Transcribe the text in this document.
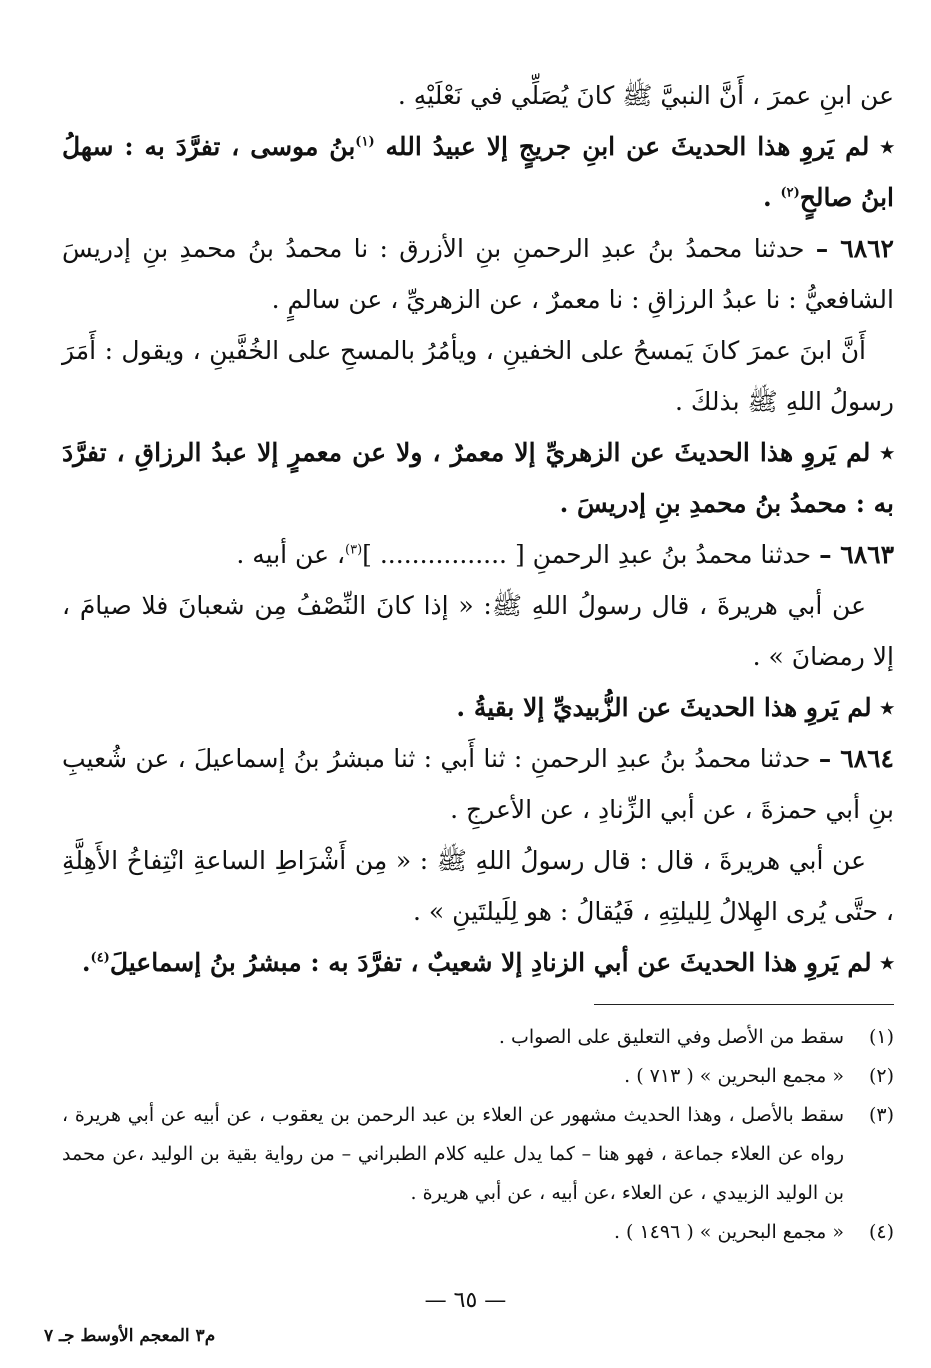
عن ابنِ عمرَ ، أَنَّ النبيَّ ﷺ كانَ يُصَلِّي في نَعْلَيْهِ .

٭ لم يَروِ هذا الحديثَ عن ابنِ جريجٍ إلا عبيدُ الله $^{(١)}$بنُ موسى ، تفرَّدَ به : سهلُ ابنُ صالحٍ$^{(٢)}$ .

٦٨٦٢ – حدثنا محمدُ بنُ عبدِ الرحمنِ بنِ الأزرق : نا محمدُ بنُ محمدِ بنِ إدريسَ الشافعيُّ : نا عبدُ الرزاقِ : نا معمرٌ ، عن الزهريِّ ، عن سالمٍ .

أَنَّ ابنَ عمرَ كانَ يَمسحُ على الخفينِ ، ويأمُرُ بالمسحِ على الخُفَّينِ ، ويقول : أَمَرَ رسولُ اللهِ ﷺ بذلكَ .

٭ لم يَروِ هذا الحديثَ عن الزهريِّ إلا معمرٌ ، ولا عن معمرٍ إلا عبدُ الرزاقِ ، تفرَّدَ به : محمدُ بنُ محمدِ بنِ إدريسَ .

٦٨٦٣ – حدثنا محمدُ بنُ عبدِ الرحمنِ [ ................ ]$^{(٣)}$، عن أبيه .

عن أبي هريرةَ ، قال رسولُ اللهِ ﷺ: « إذا كانَ النِّصْفُ مِن شعبانَ فلا صيامَ ، إلا رمضانَ » .

٭ لم يَروِ هذا الحديثَ عن الزُّبيديِّ إلا بقيةُ .

٦٨٦٤ – حدثنا محمدُ بنُ عبدِ الرحمنِ : ثنا أَبي : ثنا مبشرُ بنُ إسماعيلَ ، عن شُعيبِ بنِ أبي حمزةَ ، عن أبي الزِّنادِ ، عن الأعرجِ .

عن أبي هريرةَ ، قال : قال رسولُ اللهِ ﷺ : « مِن أَشْرَاطِ الساعةِ انْتِفاخُ الأَهِلَّةِ ، حتَّى يُرى الهِلالُ لِليلتِهِ ، فَيُقالُ : هو لِلَيلتَينِ » .

٭ لم يَروِ هذا الحديثَ عن أبي الزنادِ إلا شعيبٌ ، تفرَّدَ به : مبشرُ بنُ إسماعيلَ$^{(٤)}$.

(١)
سقط من الأصل وفي التعليق على الصواب .
(٢)
« مجمع البحرين » ( ٧١٣ ) .
(٣)
سقط بالأصل ، وهذا الحديث مشهور عن العلاء بن عبد الرحمن بن يعقوب ، عن أبيه عن أبي هريرة ، رواه عن العلاء جماعة ، فهو هنا – كما يدل عليه كلام الطبراني – من رواية بقية بن الوليد ،عن محمد بن الوليد الزبيدي ، عن العلاء ،عن أبيه ، عن أبي هريرة .
(٤)
« مجمع البحرين » ( ١٤٩٦ ) .
— ٦٥ —
م٣ المعجم الأوسط جـ ٧
